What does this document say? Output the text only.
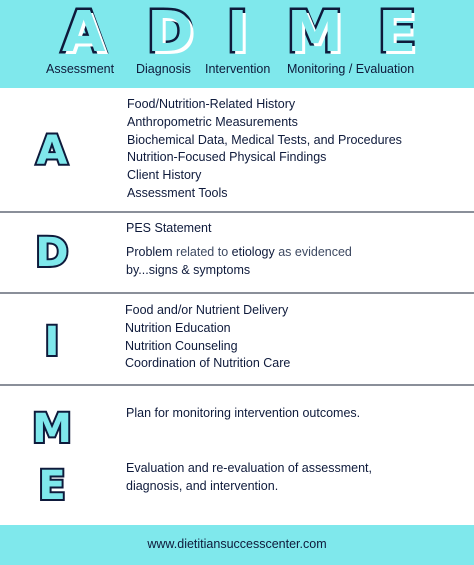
A D I M E
Assessment Diagnosis Intervention Monitoring / Evaluation
A
Food/Nutrition-Related History
Anthropometric Measurements
Biochemical Data, Medical Tests, and Procedures
Nutrition-Focused Physical Findings
Client History
Assessment Tools
D
PES Statement
Problem related to etiology as evidenced
by...signs & symptoms
I
Food and/or Nutrient Delivery
Nutrition Education
Nutrition Counseling
Coordination of Nutrition Care
M	Plan for monitoring intervention outcomes.
E	Evaluation and re-evaluation of assessment,
diagnosis, and intervention.
www.dietitiansuccesscenter.com
